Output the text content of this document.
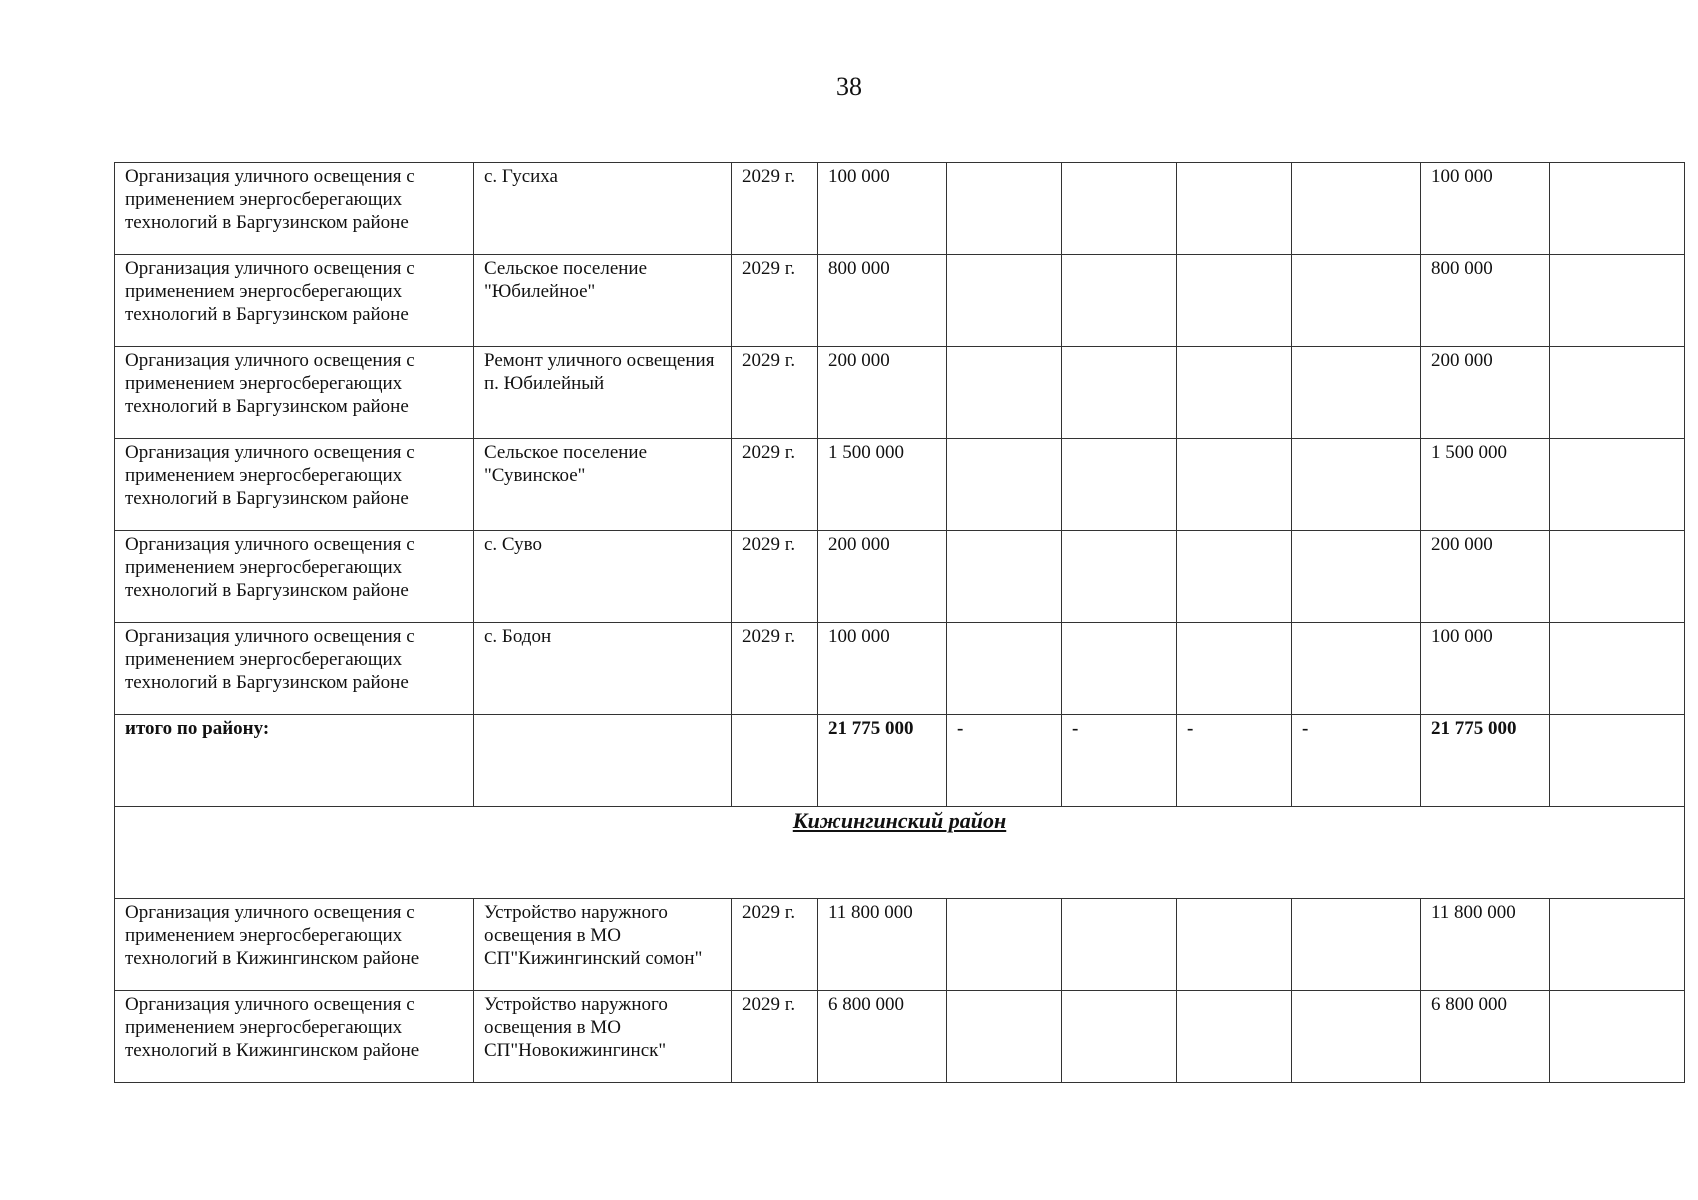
38
Организация уличного освещения с применением энергосберегающих технологий в Баргузинском районе	с. Гусиха	2029 г.	100 000					100 000	
Организация уличного освещения с применением энергосберегающих технологий в Баргузинском районе	Сельское поселение "Юбилейное"	2029 г.	800 000					800 000	
Организация уличного освещения с применением энергосберегающих технологий в Баргузинском районе	Ремонт уличного освещения п. Юбилейный	2029 г.	200 000					200 000	
Организация уличного освещения с применением энергосберегающих технологий в Баргузинском районе	Сельское поселение "Сувинское"	2029 г.	1 500 000					1 500 000	
Организация уличного освещения с применением энергосберегающих технологий в Баргузинском районе	с. Суво	2029 г.	200 000					200 000	
Организация уличного освещения с применением энергосберегающих технологий в Баргузинском районе	с. Бодон	2029 г.	100 000					100 000	
итого по району:			21 775 000	-	-	-	-	21 775 000	
Кижингинский район									
Организация уличного освещения с применением энергосберегающих технологий в Кижингинском районе	Устройство наружного освещения в МО СП"Кижингинский сомон"	2029 г.	11 800 000					11 800 000	
Организация уличного освещения с применением энергосберегающих технологий в Кижингинском районе	Устройство наружного освещения в МО СП"Новокижингинск"	2029 г.	6 800 000					6 800 000	
